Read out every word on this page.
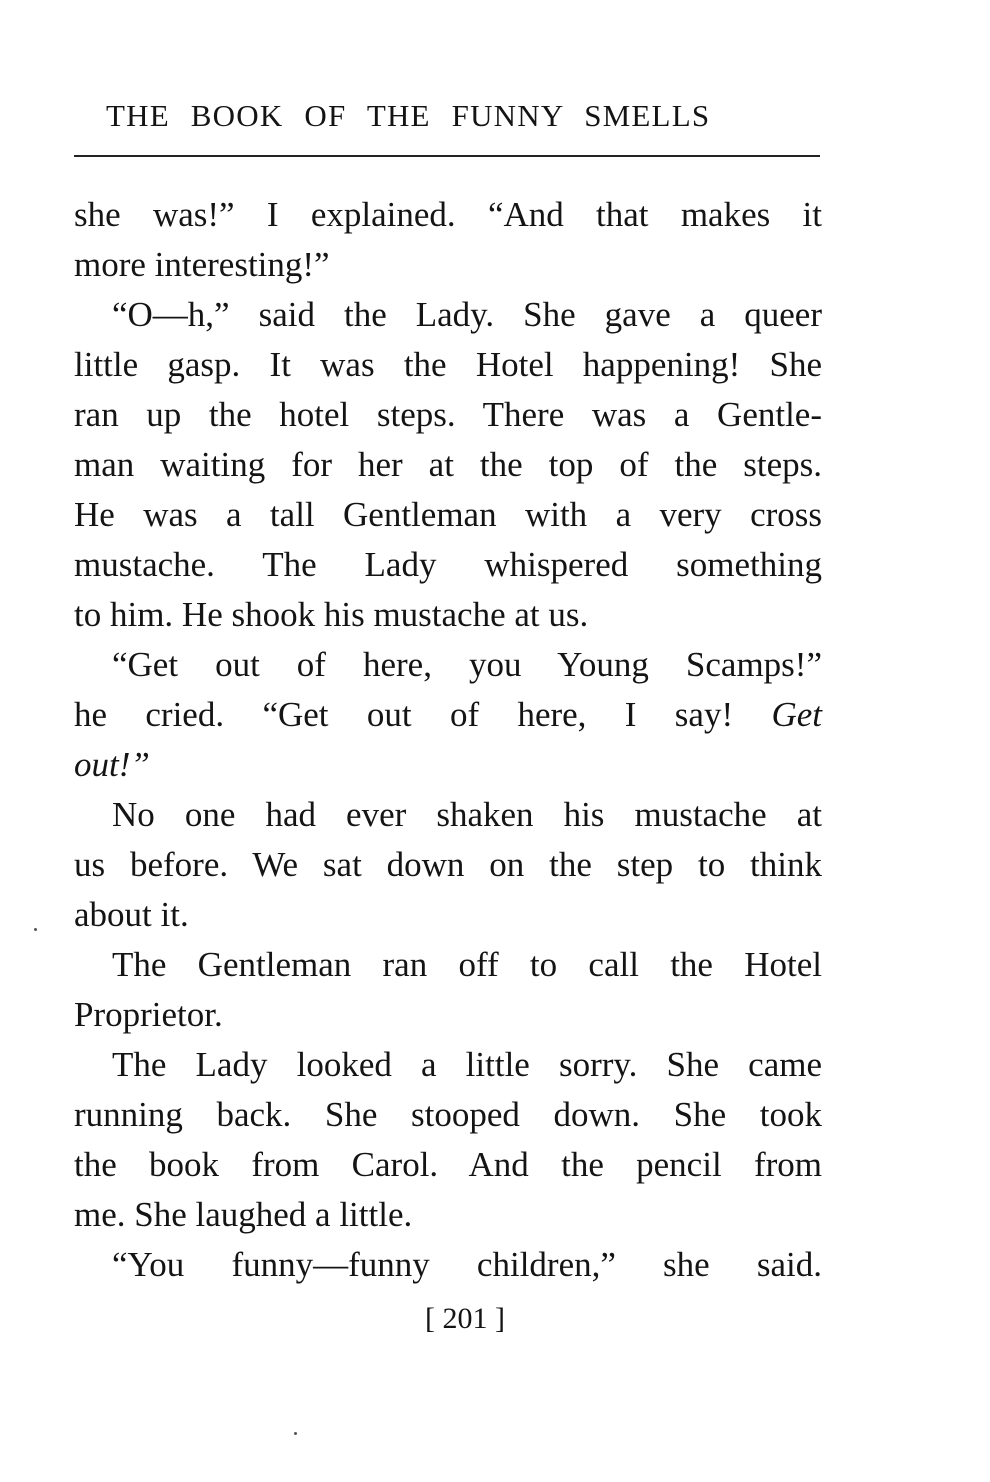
THE BOOK OF THE FUNNY SMELLS
she was!” I explained. “And that makes it
more interesting!”
“O—h,” said the Lady. She gave a queer
little gasp. It was the Hotel happening! She
ran up the hotel steps. There was a Gentle-
man waiting for her at the top of the steps.
He was a tall Gentleman with a very cross
mustache. The Lady whispered something
to him. He shook his mustache at us.
“Get out of here, you Young Scamps!”
he cried. “Get out of here, I say! Get
out!”
No one had ever shaken his mustache at
us before. We sat down on the step to think
about it.
The Gentleman ran off to call the Hotel
Proprietor.
The Lady looked a little sorry. She came
running back. She stooped down. She took
the book from Carol. And the pencil from
me. She laughed a little.
“You funny—funny children,” she said.
[ 201 ]
